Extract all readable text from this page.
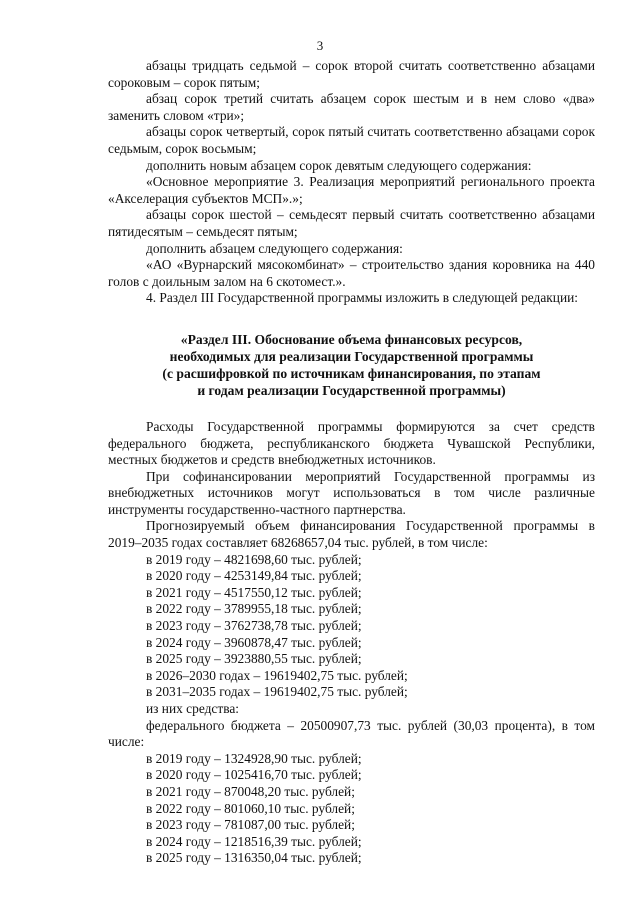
3

абзацы тридцать седьмой – сорок второй считать соответственно абзацами сороковым – сорок пятым;

абзац сорок третий считать абзацем сорок шестым и в нем слово «два» заменить словом «три»;

абзацы сорок четвертый, сорок пятый считать соответственно абзацами сорок седьмым, сорок восьмым;

дополнить новым абзацем сорок девятым следующего содержания:

«Основное мероприятие 3. Реализация мероприятий регионального проекта «Акселерация субъектов МСП».»;

абзацы сорок шестой – семьдесят первый считать соответственно абзацами пятидесятым – семьдесят пятым;

дополнить абзацем следующего содержания:

«АО «Вурнарский мясокомбинат» – строительство здания коровника на 440 голов с доильным залом на 6 скотомест.».

4. Раздел III Государственной программы изложить в следующей редакции:

«Раздел III. Обоснование объема финансовых ресурсов,
необходимых для реализации Государственной программы
(с расшифровкой по источникам финансирования, по этапам
и годам реализации Государственной программы)

Расходы Государственной программы формируются за счет средств федерального бюджета, республиканского бюджета Чувашской Республики, местных бюджетов и средств внебюджетных источников.

При софинансировании мероприятий Государственной программы из внебюджетных источников могут использоваться в том числе различные инструменты государственно-частного партнерства.

Прогнозируемый объем финансирования Государственной программы в 2019–2035 годах составляет 68268657,04 тыс. рублей, в том числе:

в 2019 году – 4821698,60 тыс. рублей;

в 2020 году – 4253149,84 тыс. рублей;

в 2021 году – 4517550,12 тыс. рублей;

в 2022 году – 3789955,18 тыс. рублей;

в 2023 году – 3762738,78 тыс. рублей;

в 2024 году – 3960878,47 тыс. рублей;

в 2025 году – 3923880,55 тыс. рублей;

в 2026–2030 годах – 19619402,75 тыс. рублей;

в 2031–2035 годах – 19619402,75 тыс. рублей;

из них средства:

федерального бюджета – 20500907,73 тыс. рублей (30,03 процента), в том числе:

в 2019 году – 1324928,90 тыс. рублей;

в 2020 году – 1025416,70 тыс. рублей;

в 2021 году – 870048,20 тыс. рублей;

в 2022 году – 801060,10 тыс. рублей;

в 2023 году – 781087,00 тыс. рублей;

в 2024 году – 1218516,39 тыс. рублей;

в 2025 году – 1316350,04 тыс. рублей;
